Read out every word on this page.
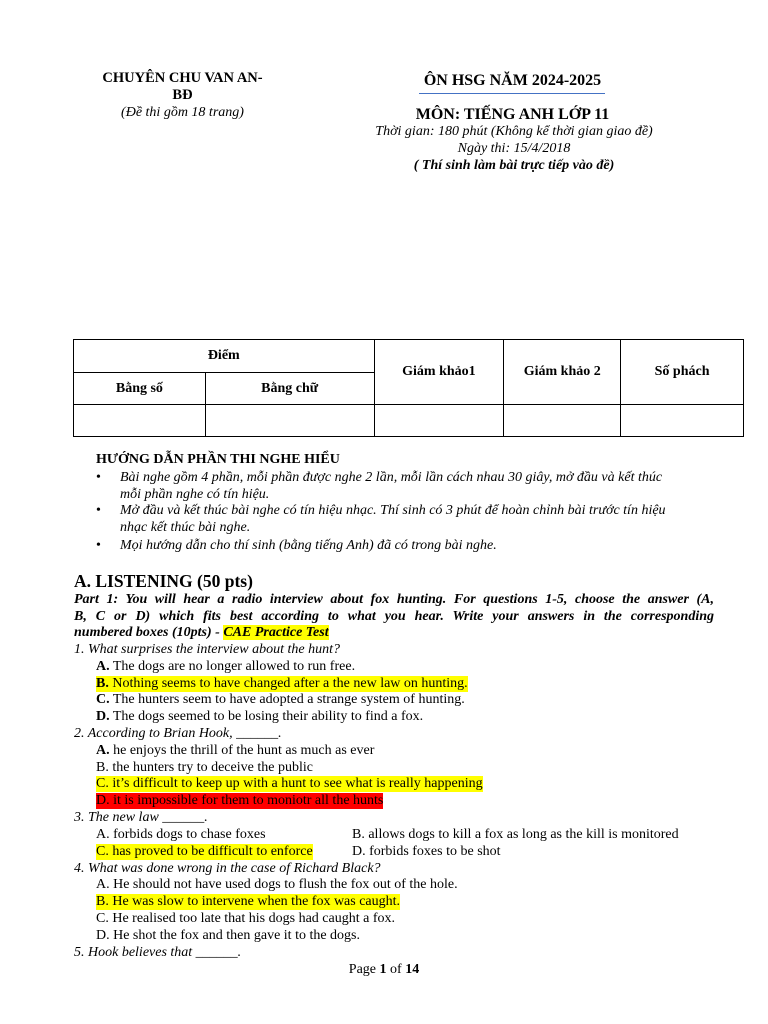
CHUYÊN CHU VAN AN-
BĐ
(Đề thi gồm 18 trang)
ÔN HSG NĂM 2024-2025
MÔN: TIẾNG ANH LỚP 11
Thời gian: 180 phút (Không kể thời gian giao đề)
Ngày thi: 15/4/2018
( Thí sinh làm bài trực tiếp vào đề)
Điểm		Giám khảo1	Giám khảo 2	Số phách
Bằng số	Bằng chữ			

HƯỚNG DẪN PHẦN THI NGHE HIỂU
•	Bài nghe gồm 4 phần, mỗi phần được nghe 2 lần, mỗi lần cách nhau 30 giây, mở đầu và kết thúc
mỗi phần nghe có tín hiệu.
•	Mở đầu và kết thúc bài nghe có tín hiệu nhạc. Thí sinh có 3 phút để hoàn chỉnh bài trước tín hiệu
nhạc kết thúc bài nghe.
•	Mọi hướng dẫn cho thí sinh (bằng tiếng Anh) đã có trong bài nghe.
A. LISTENING (50 pts)
Part 1: You will hear a radio interview about fox hunting. For questions 1-5, choose the answer (A,
B, C or D) which fits best according to what you hear. Write your answers in the corresponding
numbered boxes (10pts) - CAE Practice Test
1. What surprises the interview about the hunt?
A. The dogs are no longer allowed to run free.
B. Nothing seems to have changed after a the new law on hunting.
C. The hunters seem to have adopted a strange system of hunting.
D. The dogs seemed to be losing their ability to find a fox.
2. According to Brian Hook, ______.
A. he enjoys the thrill of the hunt as much as ever
B. the hunters try to deceive the public
C. it’s difficult to keep up with a hunt to see what is really happening
D. it is impossible for them to moniotr all the hunts
3. The new law ______.
A. forbids dogs to chase foxes	B. allows dogs to kill a fox as long as the kill is monitored
C. has proved to be difficult to enforce	D. forbids foxes to be shot
4. What was done wrong in the case of Richard Black?
A. He should not have used dogs to flush the fox out of the hole.
B. He was slow to intervene when the fox was caught.
C. He realised too late that his dogs had caught a fox.
D. He shot the fox and then gave it to the dogs.
5. Hook believes that ______.
Page 1 of 14
